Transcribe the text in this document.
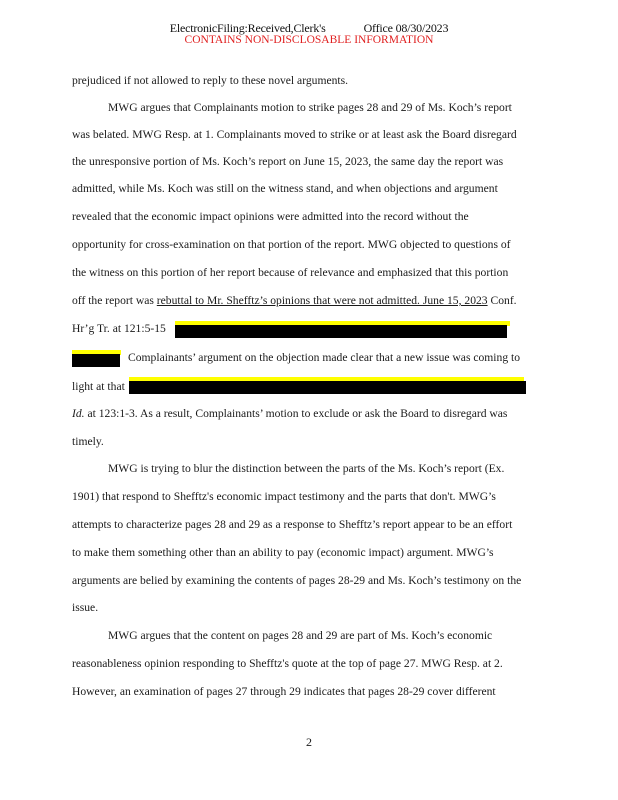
ElectronicFiling:Received,Clerk's	Office 08/30/2023
CONTAINS NON-DISCLOSABLE INFORMATION
prejudiced if not allowed to reply to these novel arguments.
MWG argues that Complainants motion to strike pages 28 and 29 of Ms. Koch’s report
was belated. MWG Resp. at 1. Complainants moved to strike or at least ask the Board disregard
the unresponsive portion of Ms. Koch’s report on June 15, 2023, the same day the report was
admitted, while Ms. Koch was still on the witness stand, and when objections and argument
revealed that the economic impact opinions were admitted into the record without the
opportunity for cross-examination on that portion of the report. MWG objected to questions of
the witness on this portion of her report because of relevance and emphasized that this portion
off the report was rebuttal to Mr. Shefftz’s opinions that were not admitted. June 15, 2023 Conf.
Hr’g Tr. at 121:5-15
Complainants’ argument on the objection made clear that a new issue was coming to
light at that
Id. at 123:1-3. As a result, Complainants’ motion to exclude or ask the Board to disregard was
timely.
MWG is trying to blur the distinction between the parts of the Ms. Koch’s report (Ex.
1901) that respond to Shefftz's economic impact testimony and the parts that don't. MWG’s
attempts to characterize pages 28 and 29 as a response to Shefftz’s report appear to be an effort
to make them something other than an ability to pay (economic impact) argument. MWG’s
arguments are belied by examining the contents of pages 28-29 and Ms. Koch’s testimony on the
issue.
MWG argues that the content on pages 28 and 29 are part of Ms. Koch’s economic
reasonableness opinion responding to Shefftz's quote at the top of page 27. MWG Resp. at 2.
However, an examination of pages 27 through 29 indicates that pages 28-29 cover different
2
